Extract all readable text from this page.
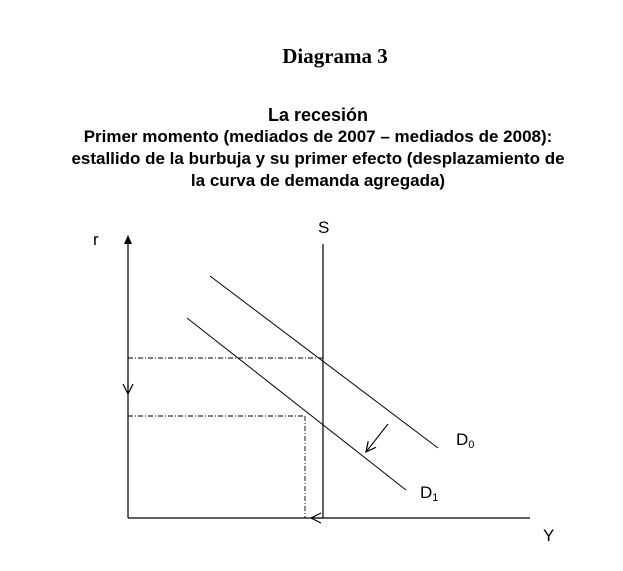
Diagrama 3
La recesión
Primer momento (mediados de 2007 – mediados de 2008):
estallido de la burbuja y su primer efecto (desplazamiento de
la curva de demanda agregada)
r
Y
S
D0
D1
